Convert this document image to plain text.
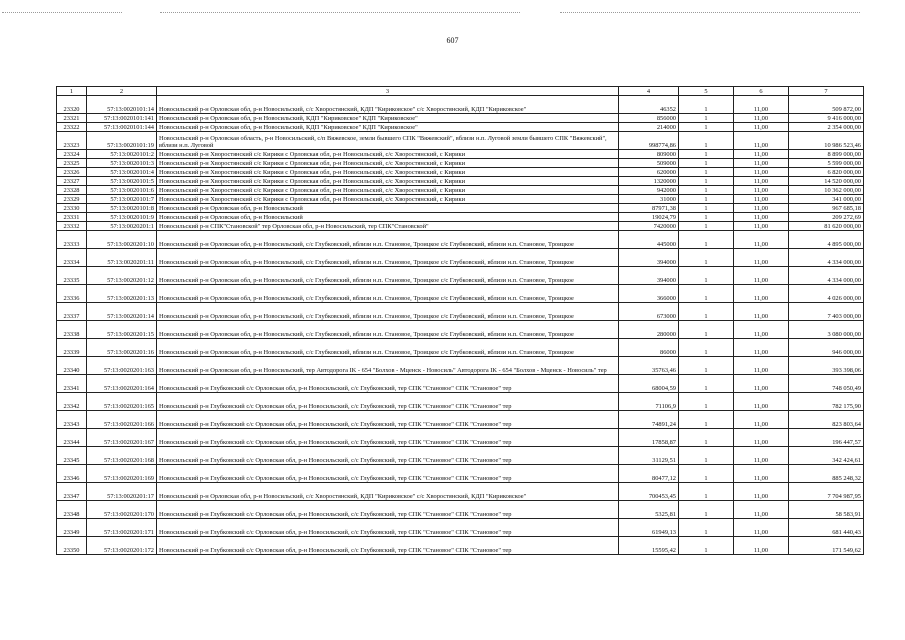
607
1	2	3	4	5	6	7
23320	57:13:0020101:14	Новосильский р-н Орловская обл, р-н Новосильский, с/с Хворостянский, КДП "Кириковское" с/с Хворостянский, КДП "Кириковское"	46352	1	11,00	509 872,00
23321	57:13:0020101:141	Новосильский р-н Орловская обл, р-н Новосильский, КДП "Кириковское" КДП "Кириковское"	856000	1	11,00	9 416 000,00
23322	57:13:0020101:144	Новосильский р-н Орловская обл, р-н Новосильский, КДП "Кириковское" КДП "Кириковское"	214000	1	11,00	2 354 000,00
23323	57:13:0020101:19	Новосильский р-н Орловская область, р-н Новосильский, с/п Вяжевское, земли бывшего СПК "Вяжевский", вблизи н.п. Луговой земли бывшего СПК "Вяжевский", вблизи н.п. Луговой	998774,86	1	11,00	10 986 523,46
23324	57:13:0020101:2	Новосильский р-н Хворостянский с/с Кирики с Орловская обл, р-н Новосильский, с/с Хворостянский, с Кирики	809000	1	11,00	8 899 000,00
23325	57:13:0020101:3	Новосильский р-н Хворостянский с/с Кирики с Орловская обл, р-н Новосильский, с/с Хворостянский, с Кирики	509000	1	11,00	5 599 000,00
23326	57:13:0020101:4	Новосильский р-н Хворостянский с/с Кирики с Орловская обл, р-н Новосильский, с/с Хворостянский, с Кирики	620000	1	11,00	6 820 000,00
23327	57:13:0020101:5	Новосильский р-н Хворостянский с/с Кирики с Орловская обл, р-н Новосильский, с/с Хворостянский, с Кирики	1320000	1	11,00	14 520 000,00
23328	57:13:0020101:6	Новосильский р-н Хворостянский с/с Кирики с Орловская обл, р-н Новосильский, с/с Хворостянский, с Кирики	942000	1	11,00	10 362 000,00
23329	57:13:0020101:7	Новосильский р-н Хворостянский с/с Кирики с Орловская обл, р-н Новосильский, с/с Хворостянский, с Кирики	31000	1	11,00	341 000,00
23330	57:13:0020101:8	Новосильский р-н Орловская обл, р-н Новосильский	87971,38	1	11,00	967 685,18
23331	57:13:0020101:9	Новосильский р-н Орловская обл, р-н Новосильский	19024,79	1	11,00	209 272,69
23332	57:13:0020201:1	Новосильский р-н СПК"Становской" тер Орловская обл, р-н Новосильский, тер СПК"Становской"	7420000	1	11,00	81 620 000,00
23333	57:13:0020201:10	Новосильский р-н Орловская обл, р-н Новосильский, с/с Глубковский, вблизи н.п. Становое, Троицкое с/с Глубковский, вблизи н.п. Становое, Троицкое	445000	1	11,00	4 895 000,00
23334	57:13:0020201:11	Новосильский р-н Орловская обл, р-н Новосильский, с/с Глубковский, вблизи н.п. Становое, Троицкое с/с Глубковский, вблизи н.п. Становое, Троицкое	394000	1	11,00	4 334 000,00
23335	57:13:0020201:12	Новосильский р-н Орловская обл, р-н Новосильский, с/с Глубковский, вблизи н.п. Становое, Троицкое с/с Глубковский, вблизи н.п. Становое, Троицкое	394000	1	11,00	4 334 000,00
23336	57:13:0020201:13	Новосильский р-н Орловская обл, р-н Новосильский, с/с Глубковский, вблизи н.п. Становое, Троицкое с/с Глубковский, вблизи н.п. Становое, Троицкое	366000	1	11,00	4 026 000,00
23337	57:13:0020201:14	Новосильский р-н Орловская обл, р-н Новосильский, с/с Глубковский, вблизи н.п. Становое, Троицкое с/с Глубковский, вблизи н.п. Становое, Троицкое	673000	1	11,00	7 403 000,00
23338	57:13:0020201:15	Новосильский р-н Орловская обл, р-н Новосильский, с/с Глубковский, вблизи н.п. Становое, Троицкое с/с Глубковский, вблизи н.п. Становое, Троицкое	280000	1	11,00	3 080 000,00
23339	57:13:0020201:16	Новосильский р-н Орловская обл, р-н Новосильский, с/с Глубковский, вблизи н.п. Становое, Троицкое с/с Глубковский, вблизи н.п. Становое, Троицкое	86000	1	11,00	946 000,00
23340	57:13:0020201:163	Новосильский р-н Орловская обл, р-н Новосильский, тер Автодорога IK - 654 "Болхов - Мценск - Новосиль" Автодорога IK - 654 "Болхов - Мценск - Новосиль" тер	35763,46	1	11,00	393 398,06
23341	57:13:0020201:164	Новосильский р-н Глубковский с/с Орловская обл, р-н Новосильский, с/с Глубковский, тер СПК "Становое" СПК "Становое" тер	68004,59	1	11,00	748 050,49
23342	57:13:0020201:165	Новосильский р-н Глубковский с/с Орловская обл, р-н Новосильский, с/с Глубковский, тер СПК "Становое" СПК "Становое" тер	71106,9	1	11,00	782 175,90
23343	57:13:0020201:166	Новосильский р-н Глубковский с/с Орловская обл, р-н Новосильский, с/с Глубковский, тер СПК "Становое" СПК "Становое" тер	74891,24	1	11,00	823 803,64
23344	57:13:0020201:167	Новосильский р-н Глубковский с/с Орловская обл, р-н Новосильский, с/с Глубковский, тер СПК "Становое" СПК "Становое" тер	17858,87	1	11,00	196 447,57
23345	57:13:0020201:168	Новосильский р-н Глубковский с/с Орловская обл, р-н Новосильский, с/с Глубковский, тер СПК "Становое" СПК "Становое" тер	31129,51	1	11,00	342 424,61
23346	57:13:0020201:169	Новосильский р-н Глубковский с/с Орловская обл, р-н Новосильский, с/с Глубковский, тер СПК "Становое" СПК "Становое" тер	80477,12	1	11,00	885 248,32
23347	57:13:0020201:17	Новосильский р-н Орловская обл, р-н Новосильский, с/с Хворостянский, КДП "Кириковское" с/с Хворостянский, КДП "Кириковское"	700453,45	1	11,00	7 704 987,95
23348	57:13:0020201:170	Новосильский р-н Глубковский с/с Орловская обл, р-н Новосильский, с/с Глубковский, тер СПК "Становое" СПК "Становое" тер	5325,81	1	11,00	58 583,91
23349	57:13:0020201:171	Новосильский р-н Глубковский с/с Орловская обл, р-н Новосильский, с/с Глубковский, тер СПК "Становое" СПК "Становое" тер	61949,13	1	11,00	681 440,43
23350	57:13:0020201:172	Новосильский р-н Глубковский с/с Орловская обл, р-н Новосильский, с/с Глубковский, тер СПК "Становое" СПК "Становое" тер	15595,42	1	11,00	171 549,62
